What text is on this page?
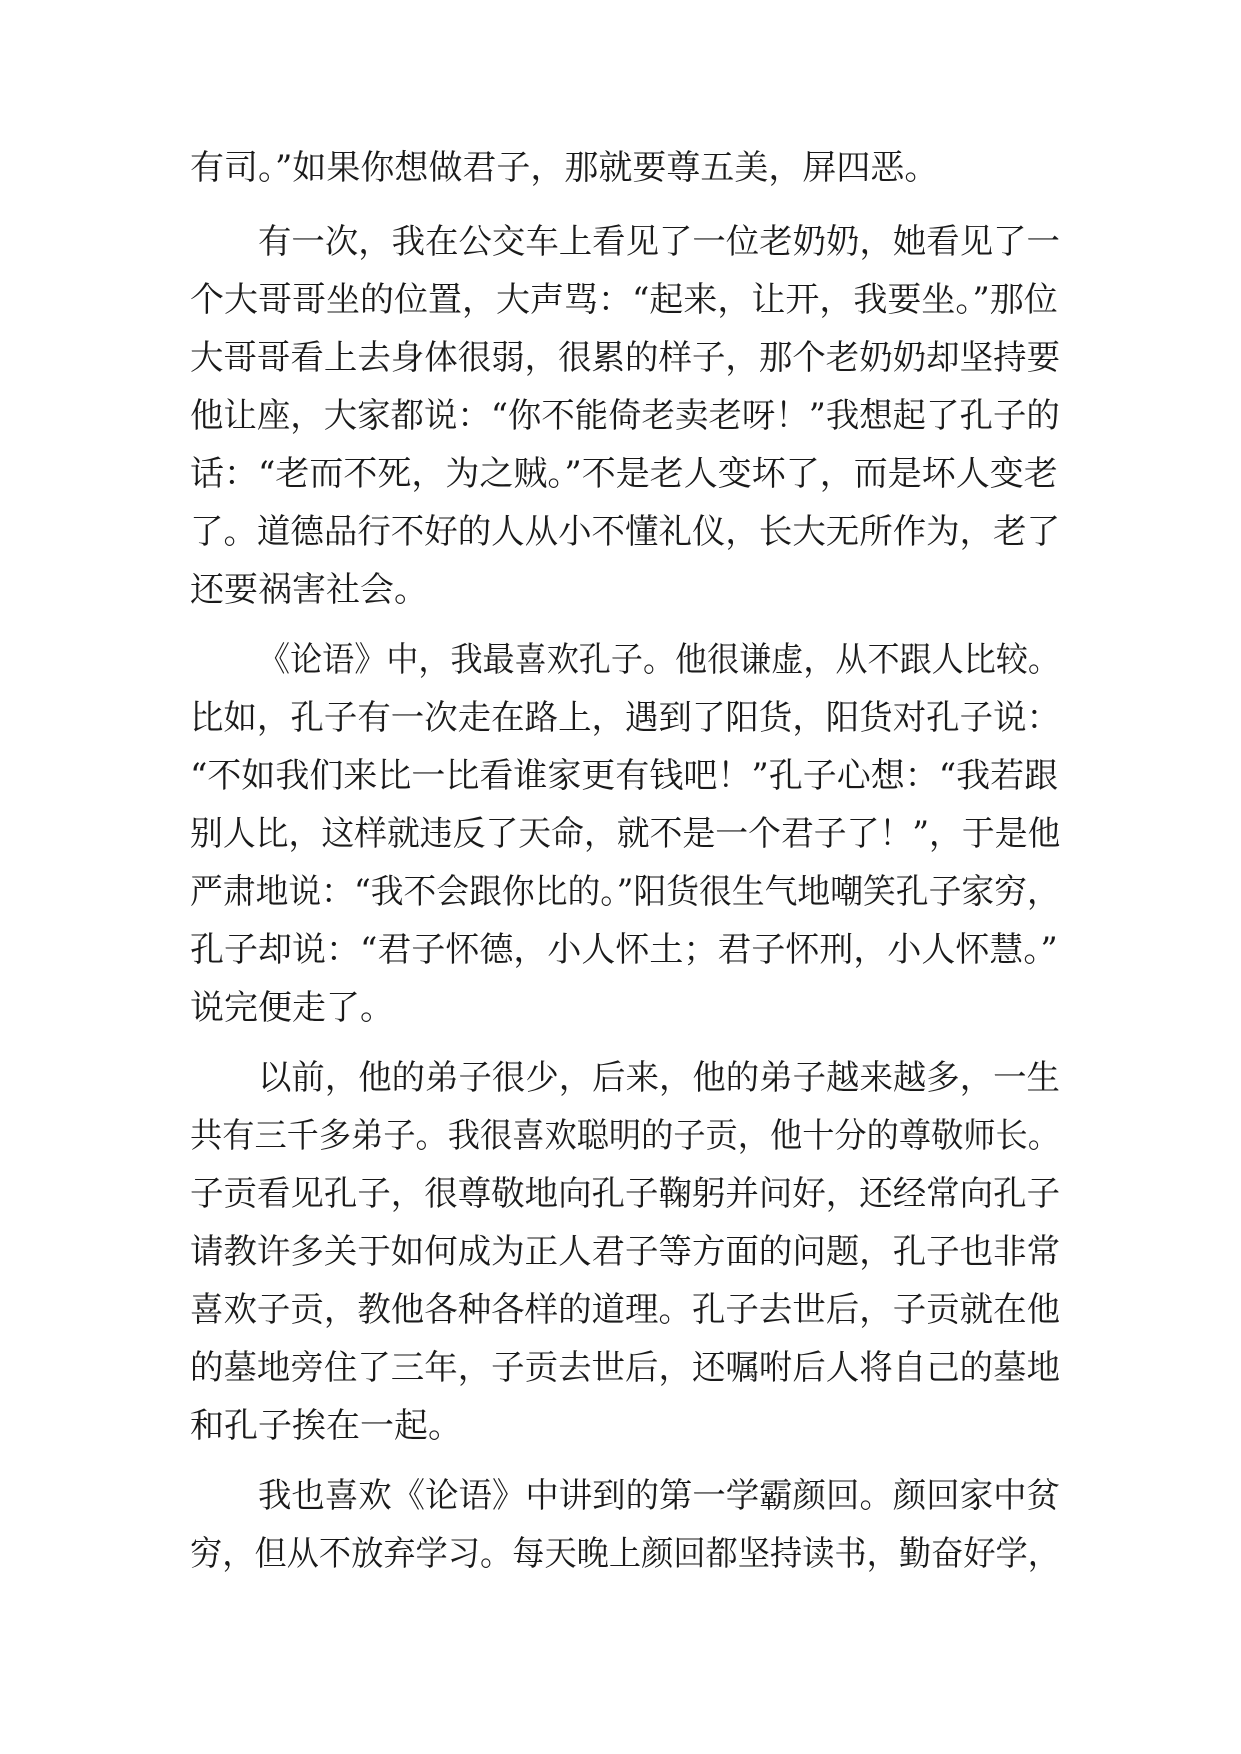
有司。”如果你想做君子，那就要尊五美，屏四恶。
有一次，我在公交车上看见了一位老奶奶，她看见了一
个大哥哥坐的位置，大声骂：“起来，让开，我要坐。”那位
大哥哥看上去身体很弱，很累的样子，那个老奶奶却坚持要
他让座，大家都说：“你不能倚老卖老呀！”我想起了孔子的
话：“老而不死，为之贼。”不是老人变坏了，而是坏人变老
了。道德品行不好的人从小不懂礼仪，长大无所作为，老了
还要祸害社会。
《论语》中，我最喜欢孔子。他很谦虚，从不跟人比较。
比如，孔子有一次走在路上，遇到了阳货，阳货对孔子说：
“不如我们来比一比看谁家更有钱吧！”孔子心想：“我若跟
别人比，这样就违反了天命，就不是一个君子了！”，于是他
严肃地说：“我不会跟你比的。”阳货很生气地嘲笑孔子家穷，
孔子却说：“君子怀德，小人怀土；君子怀刑，小人怀慧。”
说完便走了。
以前，他的弟子很少，后来，他的弟子越来越多，一生
共有三千多弟子。我很喜欢聪明的子贡，他十分的尊敬师长。
子贡看见孔子，很尊敬地向孔子鞠躬并问好，还经常向孔子
请教许多关于如何成为正人君子等方面的问题，孔子也非常
喜欢子贡，教他各种各样的道理。孔子去世后，子贡就在他
的墓地旁住了三年，子贡去世后，还嘱咐后人将自己的墓地
和孔子挨在一起。
我也喜欢《论语》中讲到的第一学霸颜回。颜回家中贫
穷，但从不放弃学习。每天晚上颜回都坚持读书，勤奋好学，
